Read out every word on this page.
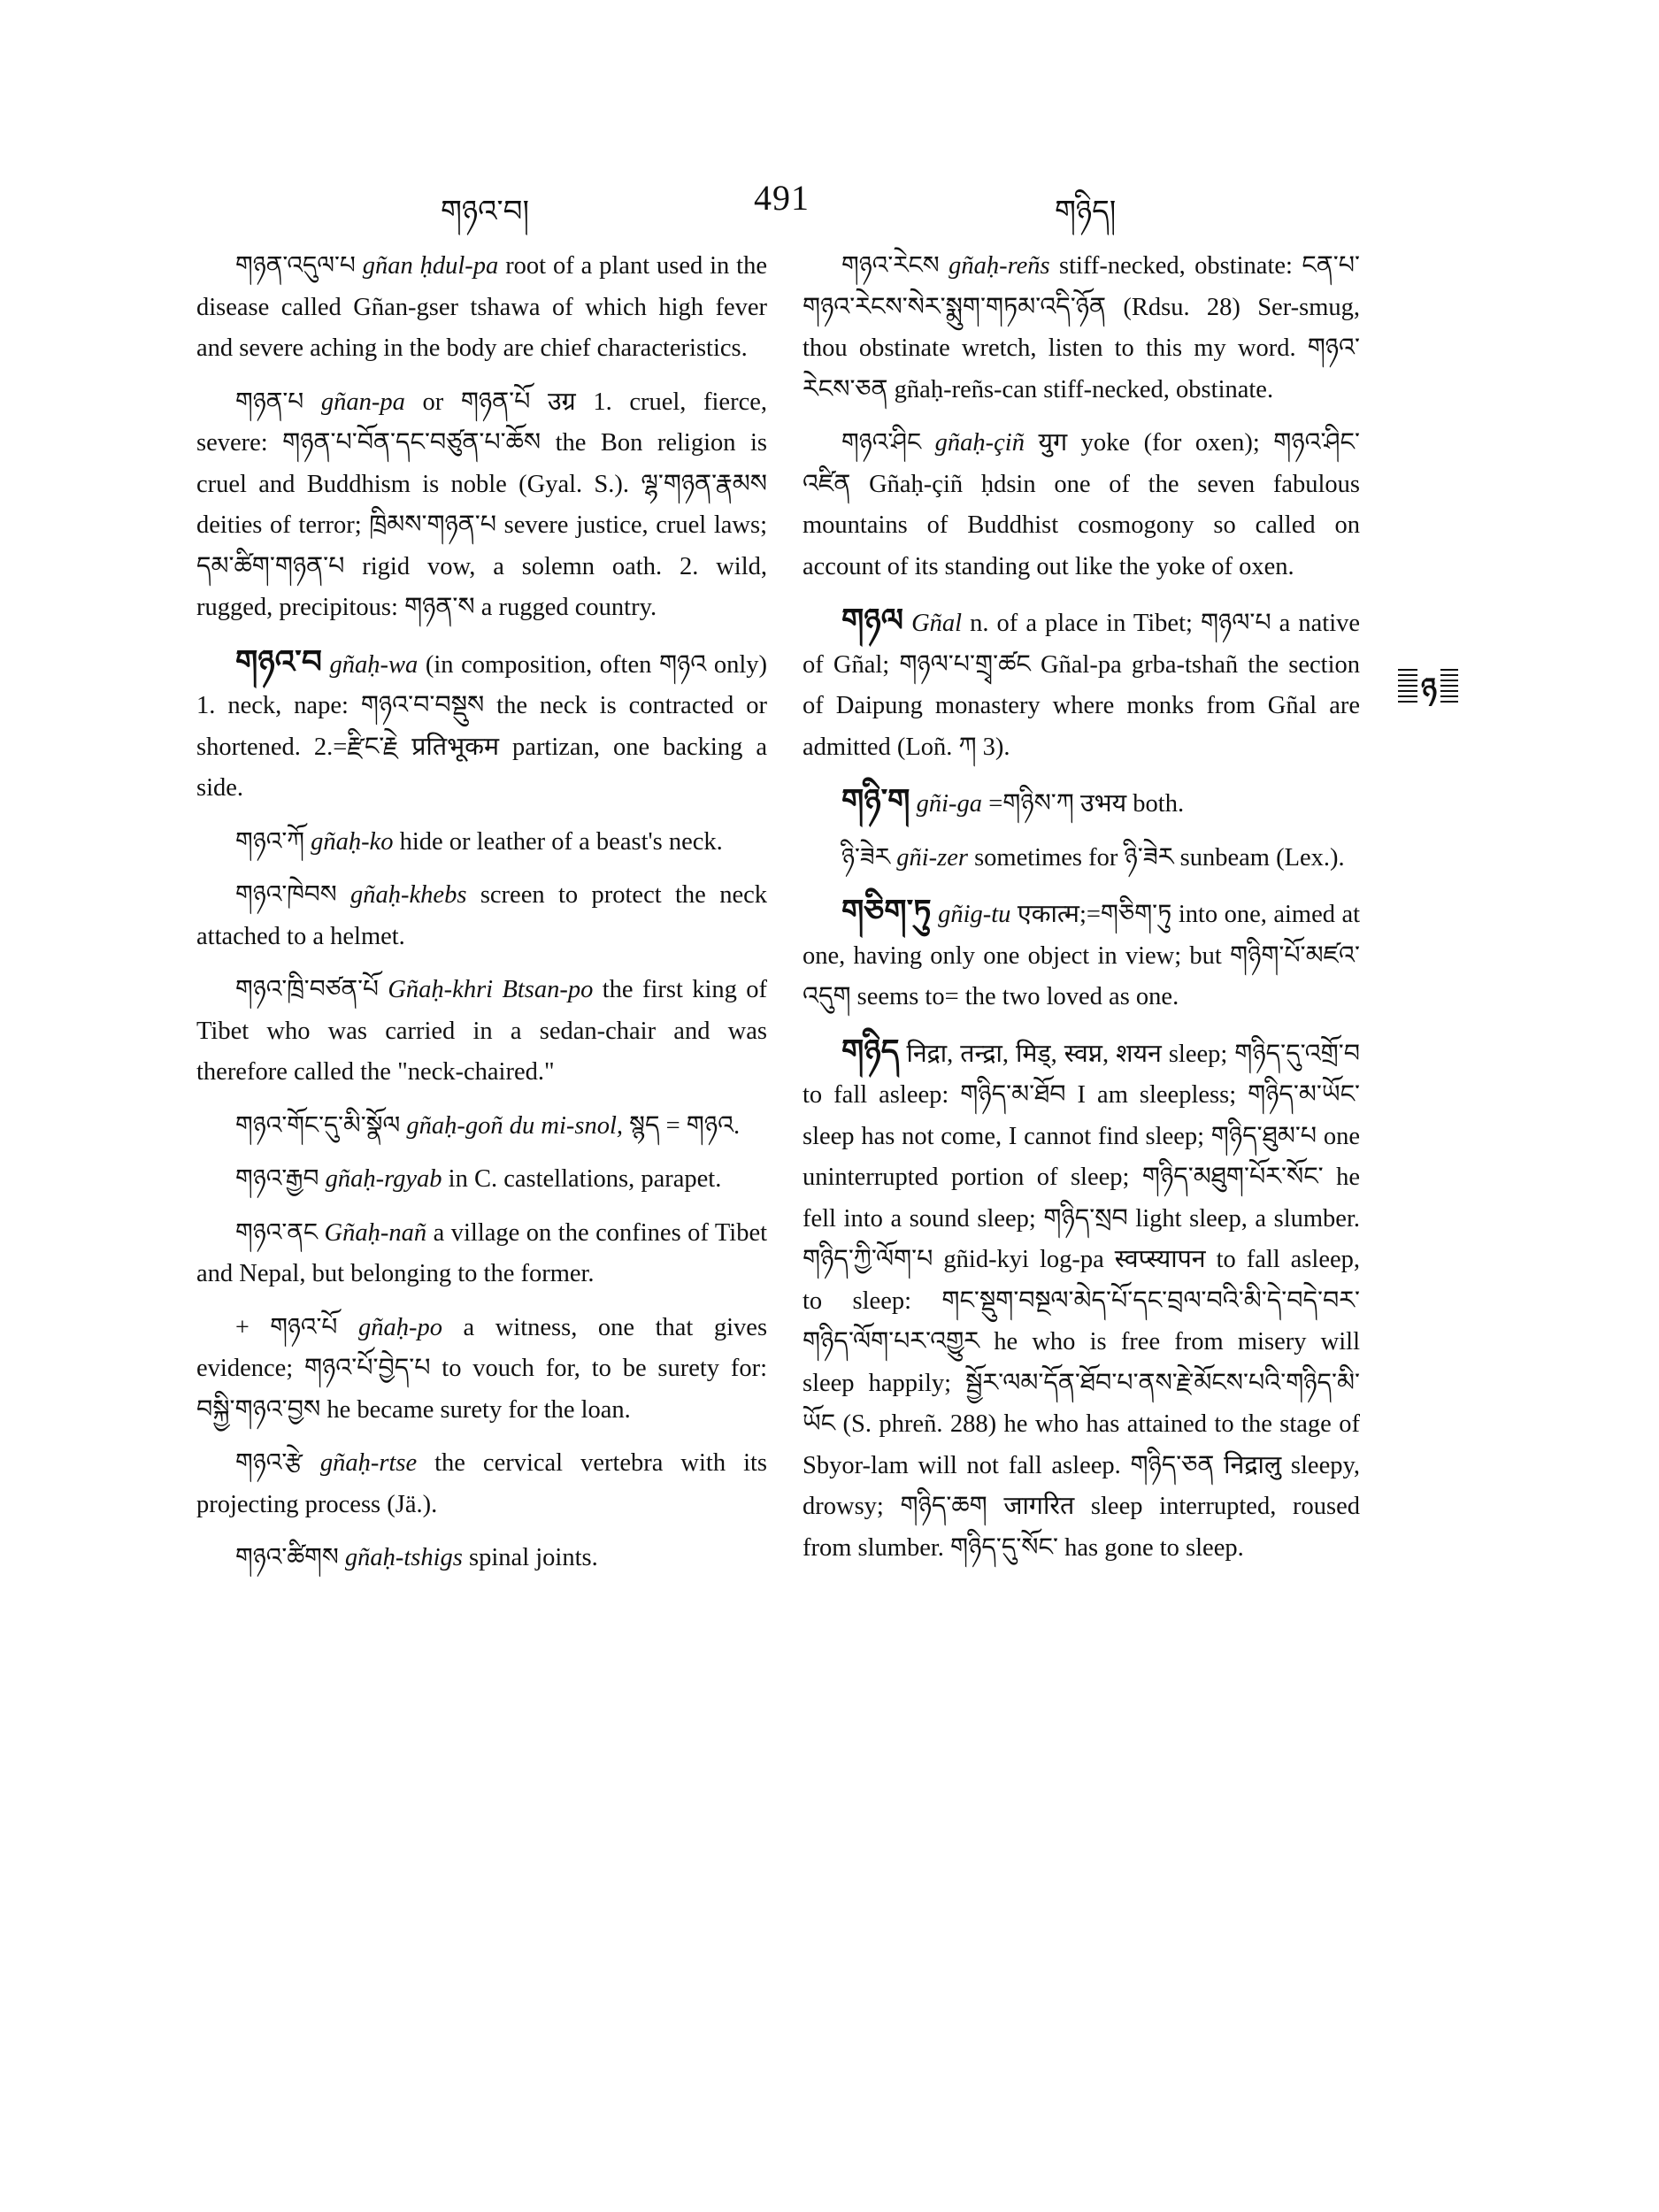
གཉའ་བ།	491	གཉིད།

གཉན་འདུལ་པ gñan ḥdul-pa root of a plant used in the disease called Gñan-gser tshawa of which high fever and severe aching in the body are chief characteristics.

གཉན་པ gñan-pa or གཉན་པོ उग्र 1. cruel, fierce, severe: གཉན་པ་བོན་དང་བཙུན་པ་ཆོས the Bon religion is cruel and Buddhism is noble (Gyal. S.). ལྷ་གཉན་རྣམས deities of terror; ཁྲིམས་གཉན་པ severe justice, cruel laws; དམ་ཚིག་གཉན་པ rigid vow, a solemn oath. 2. wild, rugged, precipitous: གཉན་ས a rugged country.

གཉའ་བ gñaḥ-wa (in composition, often གཉའ only) 1. neck, nape: གཉའ་བ་བསྡུས the neck is contracted or shortened. 2.=རྫིང་རྗེ प्रतिभूकम partizan, one backing a side.

གཉའ་ཀོ gñaḥ-ko hide or leather of a beast's neck.

གཉའ་ཁེབས gñaḥ-khebs screen to protect the neck attached to a helmet.

གཉའ་ཁྲི་བཙན་པོ Gñaḥ-khri Btsan-po the first king of Tibet who was carried in a sedan-chair and was therefore called the "neck-chaired."

གཉའ་གོང་དུ་མི་སྣོལ gñaḥ-goñ du mi-snol, སྙད = གཉའ.

གཉའ་རྒྱབ gñaḥ-rgyab in C. castellations, parapet.

གཉའ་ནང Gñaḥ-nañ a village on the confines of Tibet and Nepal, but belonging to the former.

+ གཉའ་པོ gñaḥ-po a witness, one that gives evidence; གཉའ་པོ་བྱེད་པ to vouch for, to be surety for: བསྐྱི་གཉའ་བྱས he became surety for the loan.

གཉའ་རྩེ gñaḥ-rtse the cervical vertebra with its projecting process (Jä.).

གཉའ་ཚིགས gñaḥ-tshigs spinal joints.

གཉའ་རེངས gñaḥ-reñs stiff-necked, obstinate: ངན་པ་གཉའ་རེངས་སེར་སྨུག་གཏམ་འདི་ཉོན (Rdsu. 28) Ser-smug, thou obstinate wretch, listen to this my word. གཉའ་རེངས་ཅན gñaḥ-reñs-can stiff-necked, obstinate.

གཉའ་ཤིང gñaḥ-çiñ युग yoke (for oxen); གཉའ་ཤིང་འཛིན Gñaḥ-çiñ ḥdsin one of the seven fabulous mountains of Buddhist cosmogony so called on account of its standing out like the yoke of oxen.

གཉལ Gñal n. of a place in Tibet; གཉལ་པ a native of Gñal; གཉལ་པ་གྲྭ་ཚང Gñal-pa grba-tshañ the section of Daipung monastery where monks from Gñal are admitted (Loñ. ཀ 3).

གཉི་ག gñi-ga =གཉིས་ཀ उभय both.

ཉི་ཟེར gñi-zer sometimes for ཉི་ཟེར sunbeam (Lex.).

གཅིག་ཏུ gñig-tu एकात्म;=གཅིག་ཏུ into one, aimed at one, having only one object in view; but གཉིག་པོ་མཛའ་འདུག seems to= the two loved as one.

གཉིད निद्रा, तन्द्रा, मिड्, स्वप्न, शयन sleep; གཉིད་དུ་འགྲོ་བ to fall asleep: གཉིད་མ་ཐོབ I am sleepless; གཉིད་མ་ཡོང་ sleep has not come, I cannot find sleep; གཉིད་ཐུམ་པ one uninterrupted portion of sleep; གཉིད་མཐུག་པོར་སོང་ he fell into a sound sleep; གཉིད་སྲབ light sleep, a slumber. གཉིད་ཀྱི་ལོག་པ gñid-kyi log-pa स्वप्स्यापन to fall asleep, to sleep: གང་སྡུག་བསྔལ་མེད་པོ་དང་བྲལ་བའི་མི་དེ་བདེ་བར་གཉིད་ལོག་པར་འགྱུར he who is free from misery will sleep happily; སྦྱོར་ལམ་དོན་ཐོབ་པ་ནས་རྗེ་མོངས་པའི་གཉིད་མི་ཡོང (S. phreñ. 288) he who has attained to the stage of Sbyor-lam will not fall asleep. གཉིད་ཅན निद्रालु sleepy, drowsy; གཉིད་ཆག जागरित sleep interrupted, roused from slumber. གཉིད་དུ་སོང་ has gone to sleep.

ཉ
